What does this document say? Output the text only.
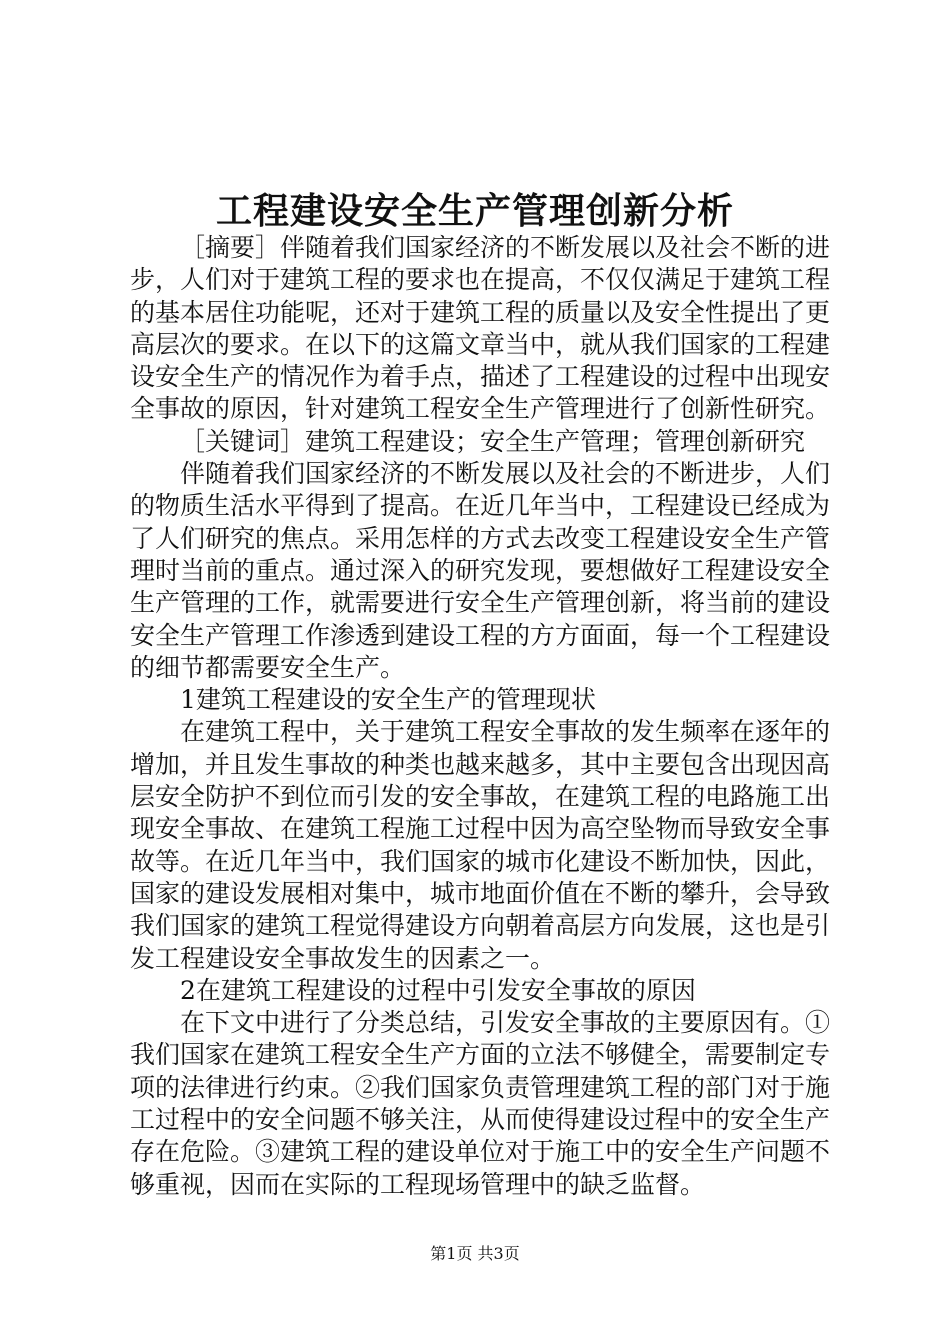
工程建设安全生产管理创新分析

［摘要］伴随着我们国家经济的不断发展以及社会不断的进步，人们对于建筑工程的要求也在提高，不仅仅满足于建筑工程的基本居住功能呢，还对于建筑工程的质量以及安全性提出了更高层次的要求。在以下的这篇文章当中，就从我们国家的工程建设安全生产的情况作为着手点，描述了工程建设的过程中出现安全事故的原因，针对建筑工程安全生产管理进行了创新性研究。

［关键词］建筑工程建设；安全生产管理；管理创新研究

伴随着我们国家经济的不断发展以及社会的不断进步，人们的物质生活水平得到了提高。在近几年当中，工程建设已经成为了人们研究的焦点。采用怎样的方式去改变工程建设安全生产管理时当前的重点。通过深入的研究发现，要想做好工程建设安全生产管理的工作，就需要进行安全生产管理创新，将当前的建设安全生产管理工作渗透到建设工程的方方面面，每一个工程建设的细节都需要安全生产。

1建筑工程建设的安全生产的管理现状

在建筑工程中，关于建筑工程安全事故的发生频率在逐年的增加，并且发生事故的种类也越来越多，其中主要包含出现因高层安全防护不到位而引发的安全事故，在建筑工程的电路施工出现安全事故、在建筑工程施工过程中因为高空坠物而导致安全事故等。在近几年当中，我们国家的城市化建设不断加快，因此，国家的建设发展相对集中，城市地面价值在不断的攀升，会导致我们国家的建筑工程觉得建设方向朝着高层方向发展，这也是引发工程建设安全事故发生的因素之一。

2在建筑工程建设的过程中引发安全事故的原因

在下文中进行了分类总结，引发安全事故的主要原因有。①我们国家在建筑工程安全生产方面的立法不够健全，需要制定专项的法律进行约束。②我们国家负责管理建筑工程的部门对于施工过程中的安全问题不够关注，从而使得建设过程中的安全生产存在危险。③建筑工程的建设单位对于施工中的安全生产问题不够重视，因而在实际的工程现场管理中的缺乏监督。

第1页 共3页
